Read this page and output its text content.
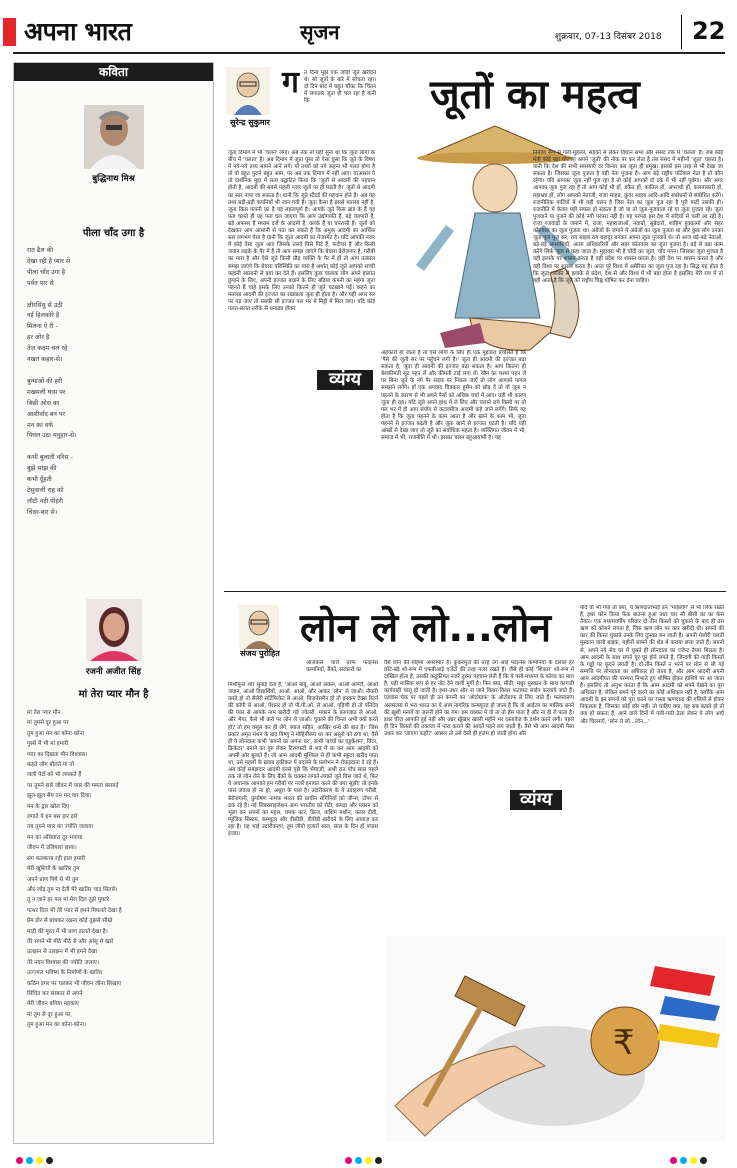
अपना भारत	सृजन	शुक्रवार, 07-13 दिसंबर 2018 22
कविता
बुद्धिनाथ मिश्र
पीला चाँद उगा है
रात ढैल की
देखा रही है प्यार से
पीला चाँद उगा है
पर्वत पार से

क्षीरसिंधु से उठी
नई हिलकोरे है
मिलना ऐ री -
हर ओर है
तेज़ कदम चल रहे
नखत कहार-से।

बुन्याओं की हरी
मखमली घास पर
बिछी ओस का
आशीर्वाद बन पर
मन का वर्फ
पिघल उठा मनुहार-से।

कभी बुलाती वरिस -
बुझे सांझ की
कभी दूँहती
टेसुवाली राह को
लौटी नदी पीहरी
चिंदर-बार से।
रजनी अजीत सिंह
मां तेरा प्यार मौन है
मां तेरा प्यार मौन
मां तुमसे दूर हुआ पर
तुम हुआ मन का कोना-कोना
गुस्से में भी मां हमारी
प्यार का दिखता मौन विश्वास।
कहते लोग बौलते मां तो
जली पेटों को भी लपकते हैं
पर तुमने सारे जीवन में प्यार की ममता बरसाई
झूल-झूल सैय तन मन वार दिया।
मन के द्वार खोल दिए
लगाते ये हम बस हार हारे
तब तुमने प्यार का ज्योति जलाया
मन का अंधियारा दूर भगाया
जीवन में उजियारा छाया।
संग कलकत्ता रही हाल हमारी
मेरी खुशियों के खातिर तुम
अपने प्राण पिये थे भी तुम
और जोड़ तुम ना देती मेरे खातिर चाद सितारे।
तू न जाने हर पल मां मेरा दिल तुझे पुकारे
पत्थर दिल भी तेरे प्यार से हमने पिघलते देखा है
प्रेम डोर से बांधकर रखना कोई तुझसे सीखे
माटी की मूरत में भी प्राण डालते देखा है।
तेरे सपने भी मीठे मीठे से और आंसू से खारे
उलझन से उलझन में भी हमने देखा
तेरे नयन विश्वास की ज्योति जलाए।
उज्ज्वल भविष्य के निर्माणों के खातिर
कठिन डगर पर चलकर भी जीवन जीना सिखाए
सिंचित कर संस्कार से अपने
मेरी जीवन बगिया महकाए
मां तुम से दूर हुआ पर,
तुम हुआ मन का कोना-कोना।
सुरेन्द्र सुकुमार
ग त दिनों मुझे एक जोड़ी जूते खरीदने थे। सो जूतों के बारे में सोचता रहा। दो दिन बाद में बहुत चौंका कि चिंतन में लगातार जूता ही चल रहा है यानी कि
जूता दिमाग में भी 'चलने' लगा। अब तक तो यही सुना था कि जूता लोगों के बीच में 'चलता' है। अब दिमाग में जूता घुसा तो ऐसा घुसा कि जूते के विषय में नये-नये तथ्य सामने आने लगे। यों तथ्यों को नये कहना भी गलत होगा है तो वो बहुत पुराने बहुत आम, पर अब तक दिमाग में नहीं आए। दरअसल ये तो दार्शनिक मुद्दा में सत्य उद्घाटित किया कि 'जूतों से आदमी की पहचान होती है, आदमी की सबसे पहली नजर जूतों पर ही पड़ती है।' जूतों से आदमी का स्तर नापा जा सकता है। यानी कि जूते स्टैंडर्ड की पहचान होते हैं। अब यह तथ्य बड़ी-बड़ी कंपनियाँ भी जान गयी हैं। जूता कैसा है इससे मतलब नहीं है, जूता किस कंपनी का है यह महत्वपूर्ण है। आपके जूते किस ब्रांड के हैं यह पता चलते ही यह पता चल जाएगा कि आप उद्योगपति हैं, बड़े व्यापारी हैं, बड़े अफसर हैं मध्यम दर्जे के आदमी हैं, क्लर्क हैं या चपरासी हैं। जूतों को देखकर आप आसानी से पता कर सकते हैं कि अमुक आदमी का आर्थिक स्तर लगभग ऐसा है यानी कि जूता आदमी का मेजरमेंट है। यदि आपकी नजर में कोई ऐसा जूता आए जिसके तलवे घिसे पिटे हैं, फटीचर हैं और किसी जवान लड़के के पैर में हैं तो आप समझ जाएंगे कि बेचारा बेरोज़गार है, गरीबी का मारा है और ऐसे जूते किसी प्रौढ़ व्यक्ति के पैर में हों तो आप तत्काल समझ जाएंगे कि बेचारा परिस्थिति का मारा है अर्थात् कोई जूते आपको सच्ची कहानी आसानी से बयां कर देते हैं। इसलिए कुछ चालाक लोग अपने हालात छुपाने के लिए, अपनी इज्जत बचाने के लिए बढ़िया कंपनी का महंगा जूता पहनते हैं चाहे इसके लिए उनको कितने ही जूते चटखाने पड़ें। कहने का मतलब आदमी की इज्जत का रखवाला जूता ही होता है। और यही अगर सर पर पड़ जाए तो सबकी सी इज्जत पल भर में मिट्टी में मिल जाए। यदि कोई गलत-सलत तरीके से धनाढ्य होकर
जूतों का महत्व
व्यंग्य
अहंकारी हो जाता है तो ऐसे लोगों के लिए ही एक मुहावरा प्रचलित है कि 'पैसे की जूती सर पर पहुँचने लगी है।' जूता ही आदमी की इज्जत बढ़ा सकता है, जूता ही आदमी की इज्जत बढ़ा सकता है। आप कितना ही बेशकीमती सूट पहन लें और कीमती टाई लगा लें। रेबैन का चश्मा पहन लें पर बिना जूते के नंगे पैर सड़क पर निकल जाएँ तो लोग आपको पागल समझने लगेंगे। हाँ एक अपवाद चित्रकार हुसैन को छोड़ दें तो यों जूता न पहनने के कारण से भी अपने पैसों को अधिक चर्चा में आए। वही भी कारण जूता ही रहा। यदि जूते अपने हाथ में ले लिए और चलाने लगे किसी पर तो पल भर में ही आप संयोग से कटलमीज आदमी कहे जाने लगेंगे। सिर्फ यह होता है कि जूता पहनने के काम आता है और खाने के काम भी, जूता पहनने से इज्जत बढ़ती है और जूता खाने से इज्जत घटती है। यदि यही आंखों से देखा जाए तो जूते का सर्वाधिक महत्व है। व्यक्तिगत जीवन में भी, समाज में भी, राजनीति में भी। इसका चलन बहुआयामी है। यह
निर्माण रूप से गली-मुहल्ले, सड़कों से लेकर विधान सभा और संसद तक में 'चलता' है। जब कोई मंत्री कोई बड़ा घोटाला अपने 'जूतों' की नोक पर कर लेता है तब संसद में महीनों 'जूता' चलता है। यानी कि देश की सभी समस्याएँ दर किनार बस जूता ही प्रमुख। इसको इस तरह से भी देखा जा सकता है। जिसका जूता पुजता है वही नेता पुजता है। आप बड़े राष्ट्रीय पर्टियाल नेता है तो कौन रहेगा। यदि आपका जूता नहीं पुज रहा है तो कोई आपको दो टके में भी नहीं पूछेगा। और अगर आपका जूता पुज रहा है तो आप कोई भी हों, डकैत हों, कातिल हों, अपराधी हों, कलताकारी हों, महाभ्रष्ट हों, लोग आपको नेताजी, राजा साहब, कुंवर साहब आदि-आदि संबोधनों से संबोधित करेंगे। राजनीतिक पार्टियों में भी यही चलन है जिस नेता का जूता पुज रहा है पूरी पार्टी उसकी ही। राजनीति में केवल यही सफल हो सकता है जो या तो जूता-पुजवाता रहे या जूता पुजता रहे। जूता पुजवाने या पुजने की कोई नयी परंपरा नहीं है। यह परंपरा इस देश में सदियों से चली आ रही है। राजा रजवाड़ों के जमाने में, राजा, महाराजाओं, नवाबों, सूबेदारों, शाहिम हुक्कामों और सहर कोतवाल का जूता पुजता था। अंग्रेजों के जमाने में अंग्रेजों का जूता पुजता था और कुछ लोग उनका जूता पूज पूज कर, राय साहब राय बहादुर बनकर अपना जूता पुजवाते थे। तो आज बड़े-बड़े नेताओं, बड़े-बड़े अपराधियों, आला अधिकारियों और सहर कोतवाल का जूता पुजता है। बड़े से बड़ा काम करेंगे सिर्फ़ जूता से कहा जाता है। मुहावरा भी है चाँदी का जूता, चाँद गगन। जिसका जूता पुजता है वही इलाके पर शासन करता है वही प्रदेश पर शासन करता है। वही देश पर शासन करता है और वही विश्व पर शासन करता है। आज पूरे विश्व में अमेरिका का जूता पुज रहा है। सिद्ध यह होता है कि जूता व्यक्ति से इलाके से प्रदेश, देश से और विश्व में भी बड़ा होता है इसलिए मेरी राय में तो यही आता है कि जूते को राष्ट्रीय चिह्न घोषित कर देना चाहिए।
संजय पुरोहित
लोन ले लो...लोन
आजकल चारों तरफ फाइनेंस कम्पनियों, बैंकों, सरकारों का
मिशीफुल शोर सुनाई देता है, 'आओ बाबू, आओ अंकल, आओ आण्टी, आओ जवान, आओ विद्यार्थियों, आओ, आओ, और आकर 'लोन' ले जाओ। नौकरी करते हो तो सैलेरी सर्टिफिकेट ले आओ, बिजनेसमैन हो तो इनकम टैक्स रिटर्न की कॉपी ले आओ, पेंशनर हो तो पी.पी.ओ. ले आओ, गृहिणी हो तो पतिदेव की प्यार से आपके नाम खरीदी गई ज्वेलरी, मकान के कागजात ले आओ, और भैया, कैसे भी करो पर लोन ले जाओ। चुकाने की चिन्ता अभी क्यों करते हो? तो हम वसूल कर ही लेंगे, ब्याज सहित, आखिर धन्धे की बात है।' जिस प्रकार अमृत मंथन के बाद विष्णु ने मोहिनीरूप धर कर असुरों को ठगा था, वैसे ही ये लोनदाता कभी 'सपनों का अपना घर', कभी 'बच्चों का एडुकेशन', विंटर, क्रिकेटर' बनाने का गुरु लेकर टिरमफटी से भव में ला कर आम आदमी को अपनी ओर बुलाते हैं। जो आम आदमी मुश्किल से ही कभी स्कूटर खरीद पाता था, उसे महलों के ख़्वाब हकीकत में बदलने के प्रलोभन ने रोकड़दाता दे रहे हैं। अब कोई समझदार आदमी इनसे पूछे कि भैयाजी, अभी रात पाँच साल पहले तक तो लोन लेने के लिए बैंकों के चक्कर लगाते-लगाते जूते घिस जाते थे, फिर ये अचानक आपको हम गरीबों पर नजरें इनायत करने की क्या सूझी! तो इनके पास जवाब हो ना हो, अधूरा के पास है। उदारीकरण के ये उदाहरण गरीबी, बेरोजगारी, कुपोषण नामक भारत की प्राचीन संगिनियों को जीन्स, टॉपर से ढक रहे हैं। नई लिबरलाइजेशन आम भारतीय को रोटी, कपड़ा और मकान को भूला कर सपनों का महल, चमक कार, फ्रिज, वाशिंग मशीन, कलर टीवी, म्यूजिक सिस्टम, कम्प्यूटर और वीसीडी, डीवीडी खरीदने के लिए आवाज़ कर रहा है। यह भाई उदारीकरण, तुम जीयो हजारों साल, साल के दिन हों पचास हजार।
व्यंग्य
वैसे लोन की महिमा अपरम्पार है। कुकरमुत्ते की तरह उग आई फाइनेंस कम्पनियों के दलाल हर छोटे-बड़े शो-रूम में एफबीआई एजेंटों की तरह नजर रखते हैं। जैसे ही कोई 'शिकार' शो-रूम में दाखिल होता है, उसकी कद्रुकीमत नजरें तुरन्त पहचान लेती हैं कि ये पसो-मध्यमा के कोल्ड का मारा है, यही मासिक रूप से हर नोट देने वाली मुर्गी है। फिर क्या, मीठी, मधुर मुस्कान के साथ कागजी कार्यवाही चालू हो जाती है। इधर-उधर और ना जाने किधर-किधर फटाफट साईन करवाये जाते हैं। एडवांस चेक पर पहले ही उन कंपनी का 'ओटोग्राफ' के ऑटोग्राफ ले लिए जाते हैं। फलस्वरूप असमंजस से भरा भारत का ये आम नागरिक कन्फ्यूज्ड हो जाता है कि वो आईटम का मालिक बनने की खुशी मनाये या ज़रूरी होने का गम। इस चक्कर में वो ना तो हँस पाता है और ना ही रो पाता है। इधर चीज़ आपकी हुई नहीं और उधर ख़ूँखार खाली महीने भर दस्तावेज़ के दर्शन करने लगी। पहले ही दिन किस्तों की तकाजा में पारा कराने की आदतें पड़ने लग जाती हैं। वैसे भी आम आदमी पैसा उधार कर 'जाएगा कहाँ?' अक्सर तो उसे देसी ही हजम हो जाती होगा और
यदि वो भी गया तो क्या, ये ऋणदाताभाई उन 'भाईलोग' से भी लिंक रखते हैं, इधर फ़ोन किया फेंक बाउन्स हुआ उधर चार सौ बीसी का का केस तैयार। एक मध्यमवर्गीय परिवार दो तीन किस्तों को चुकाने के बाद ही उस ऋण को कोसने लगता है, जिस ऋण लोन पर कार खरीदी थी। सपनों की कार की किस्त चुकाते उनके लिए दुःस्वप्न बन जाती है। अपनी मेलोरी चलती मुस्कान वाली बाइक, महीनों सामने की शेड में कराया छत्ता जाते हैं। सपनों से, अपने नये सेव घर में घुसते ही लोनदाता का एजेन्ट तैयार मिलता है। आम आदमी के साथ सपने चूर-चूर होने लगते हैं, जिन्दगी की गाड़ी किस्तों के गड्ढों पर कूदने लगती है। दो-तीन किस्तें न भरने पर लोन से ली गई सम्पत्ति पर लोनदाता का अधिकार हो जाता है, और आम आदमी अपनी आम आदमीयत की परम्परा निभाते हुए शोषित होकर हाशिये पर आ जाता है। इसलिए तो अनुभ करता हैं कि आम आदमी को सपने देखने का पूरा अधिकार है, लेकिन सपने पूरे करने का कोई अधिकार नहीं है, क्योंकि आम आदमी के इन सपनों को पूरा करने का रास्ता ऋणदाता की गलियों से होकर निकलता है, जिसका कोई छोर नहीं। तो चाहिए क्या, यह सब बताते हो तो क्या हो सकता है, आने वाले दिनों में गली-गली ठेला लेकर ये लोग आएँ और चिल्लाएँ, 'लोन ले लो...लोन...'
₹
